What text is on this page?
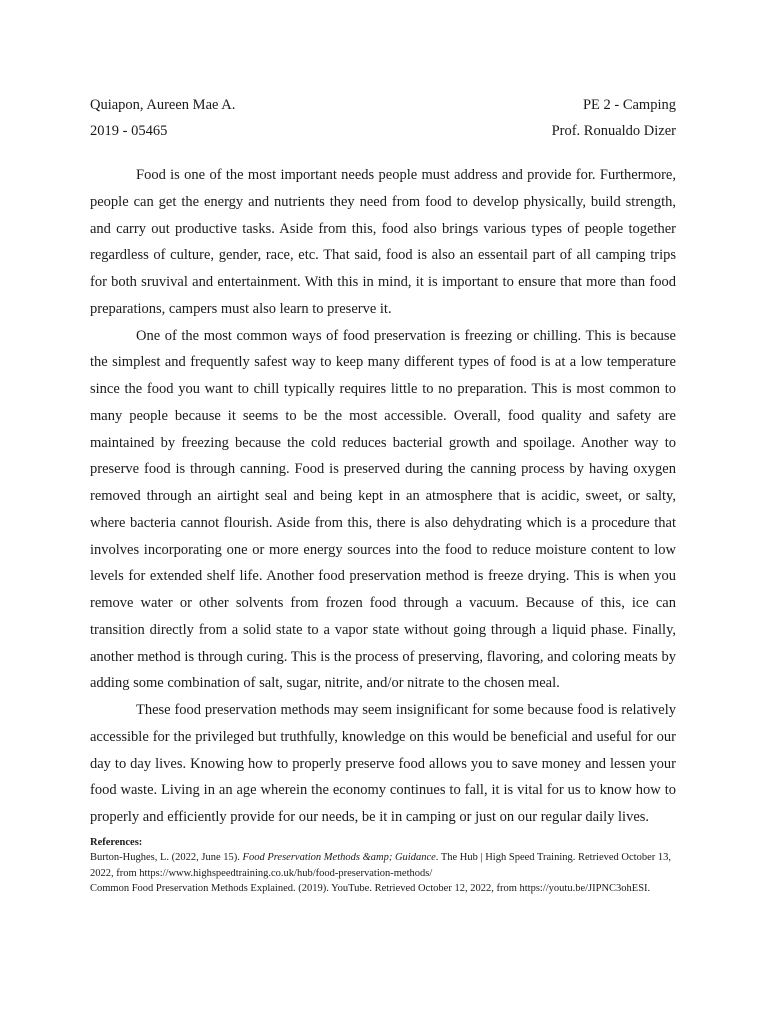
Quiapon, Aureen Mae A.	PE 2 - Camping
2019 - 05465	Prof. Ronualdo Dizer

Food is one of the most important needs people must address and provide for. Furthermore, people can get the energy and nutrients they need from food to develop physically, build strength, and carry out productive tasks. Aside from this, food also brings various types of people together regardless of culture, gender, race, etc. That said, food is also an essentail part of all camping trips for both sruvival and entertainment. With this in mind, it is important to ensure that more than food preparations, campers must also learn to preserve it.

One of the most common ways of food preservation is freezing or chilling. This is because the simplest and frequently safest way to keep many different types of food is at a low temperature since the food you want to chill typically requires little to no preparation. This is most common to many people because it seems to be the most accessible. Overall, food quality and safety are maintained by freezing because the cold reduces bacterial growth and spoilage. Another way to preserve food is through canning. Food is preserved during the canning process by having oxygen removed through an airtight seal and being kept in an atmosphere that is acidic, sweet, or salty, where bacteria cannot flourish. Aside from this, there is also dehydrating which is a procedure that involves incorporating one or more energy sources into the food to reduce moisture content to low levels for extended shelf life. Another food preservation method is freeze drying. This is when you remove water or other solvents from frozen food through a vacuum. Because of this, ice can transition directly from a solid state to a vapor state without going through a liquid phase. Finally, another method is through curing. This is the process of preserving, flavoring, and coloring meats by adding some combination of salt, sugar, nitrite, and/or nitrate to the chosen meal.

These food preservation methods may seem insignificant for some because food is relatively accessible for the privileged but truthfully, knowledge on this would be beneficial and useful for our day to day lives. Knowing how to properly preserve food allows you to save money and lessen your food waste. Living in an age wherein the economy continues to fall, it is vital for us to know how to properly and efficiently provide for our needs, be it in camping or just on our regular daily lives.

References:

Burton-Hughes, L. (2022, June 15). Food Preservation Methods &amp; Guidance. The Hub | High Speed Training. Retrieved October 13, 2022, from https://www.highspeedtraining.co.uk/hub/food-preservation-methods/

Common Food Preservation Methods Explained. (2019). YouTube. Retrieved October 12, 2022, from https://youtu.be/JIPNC3ohESI.
